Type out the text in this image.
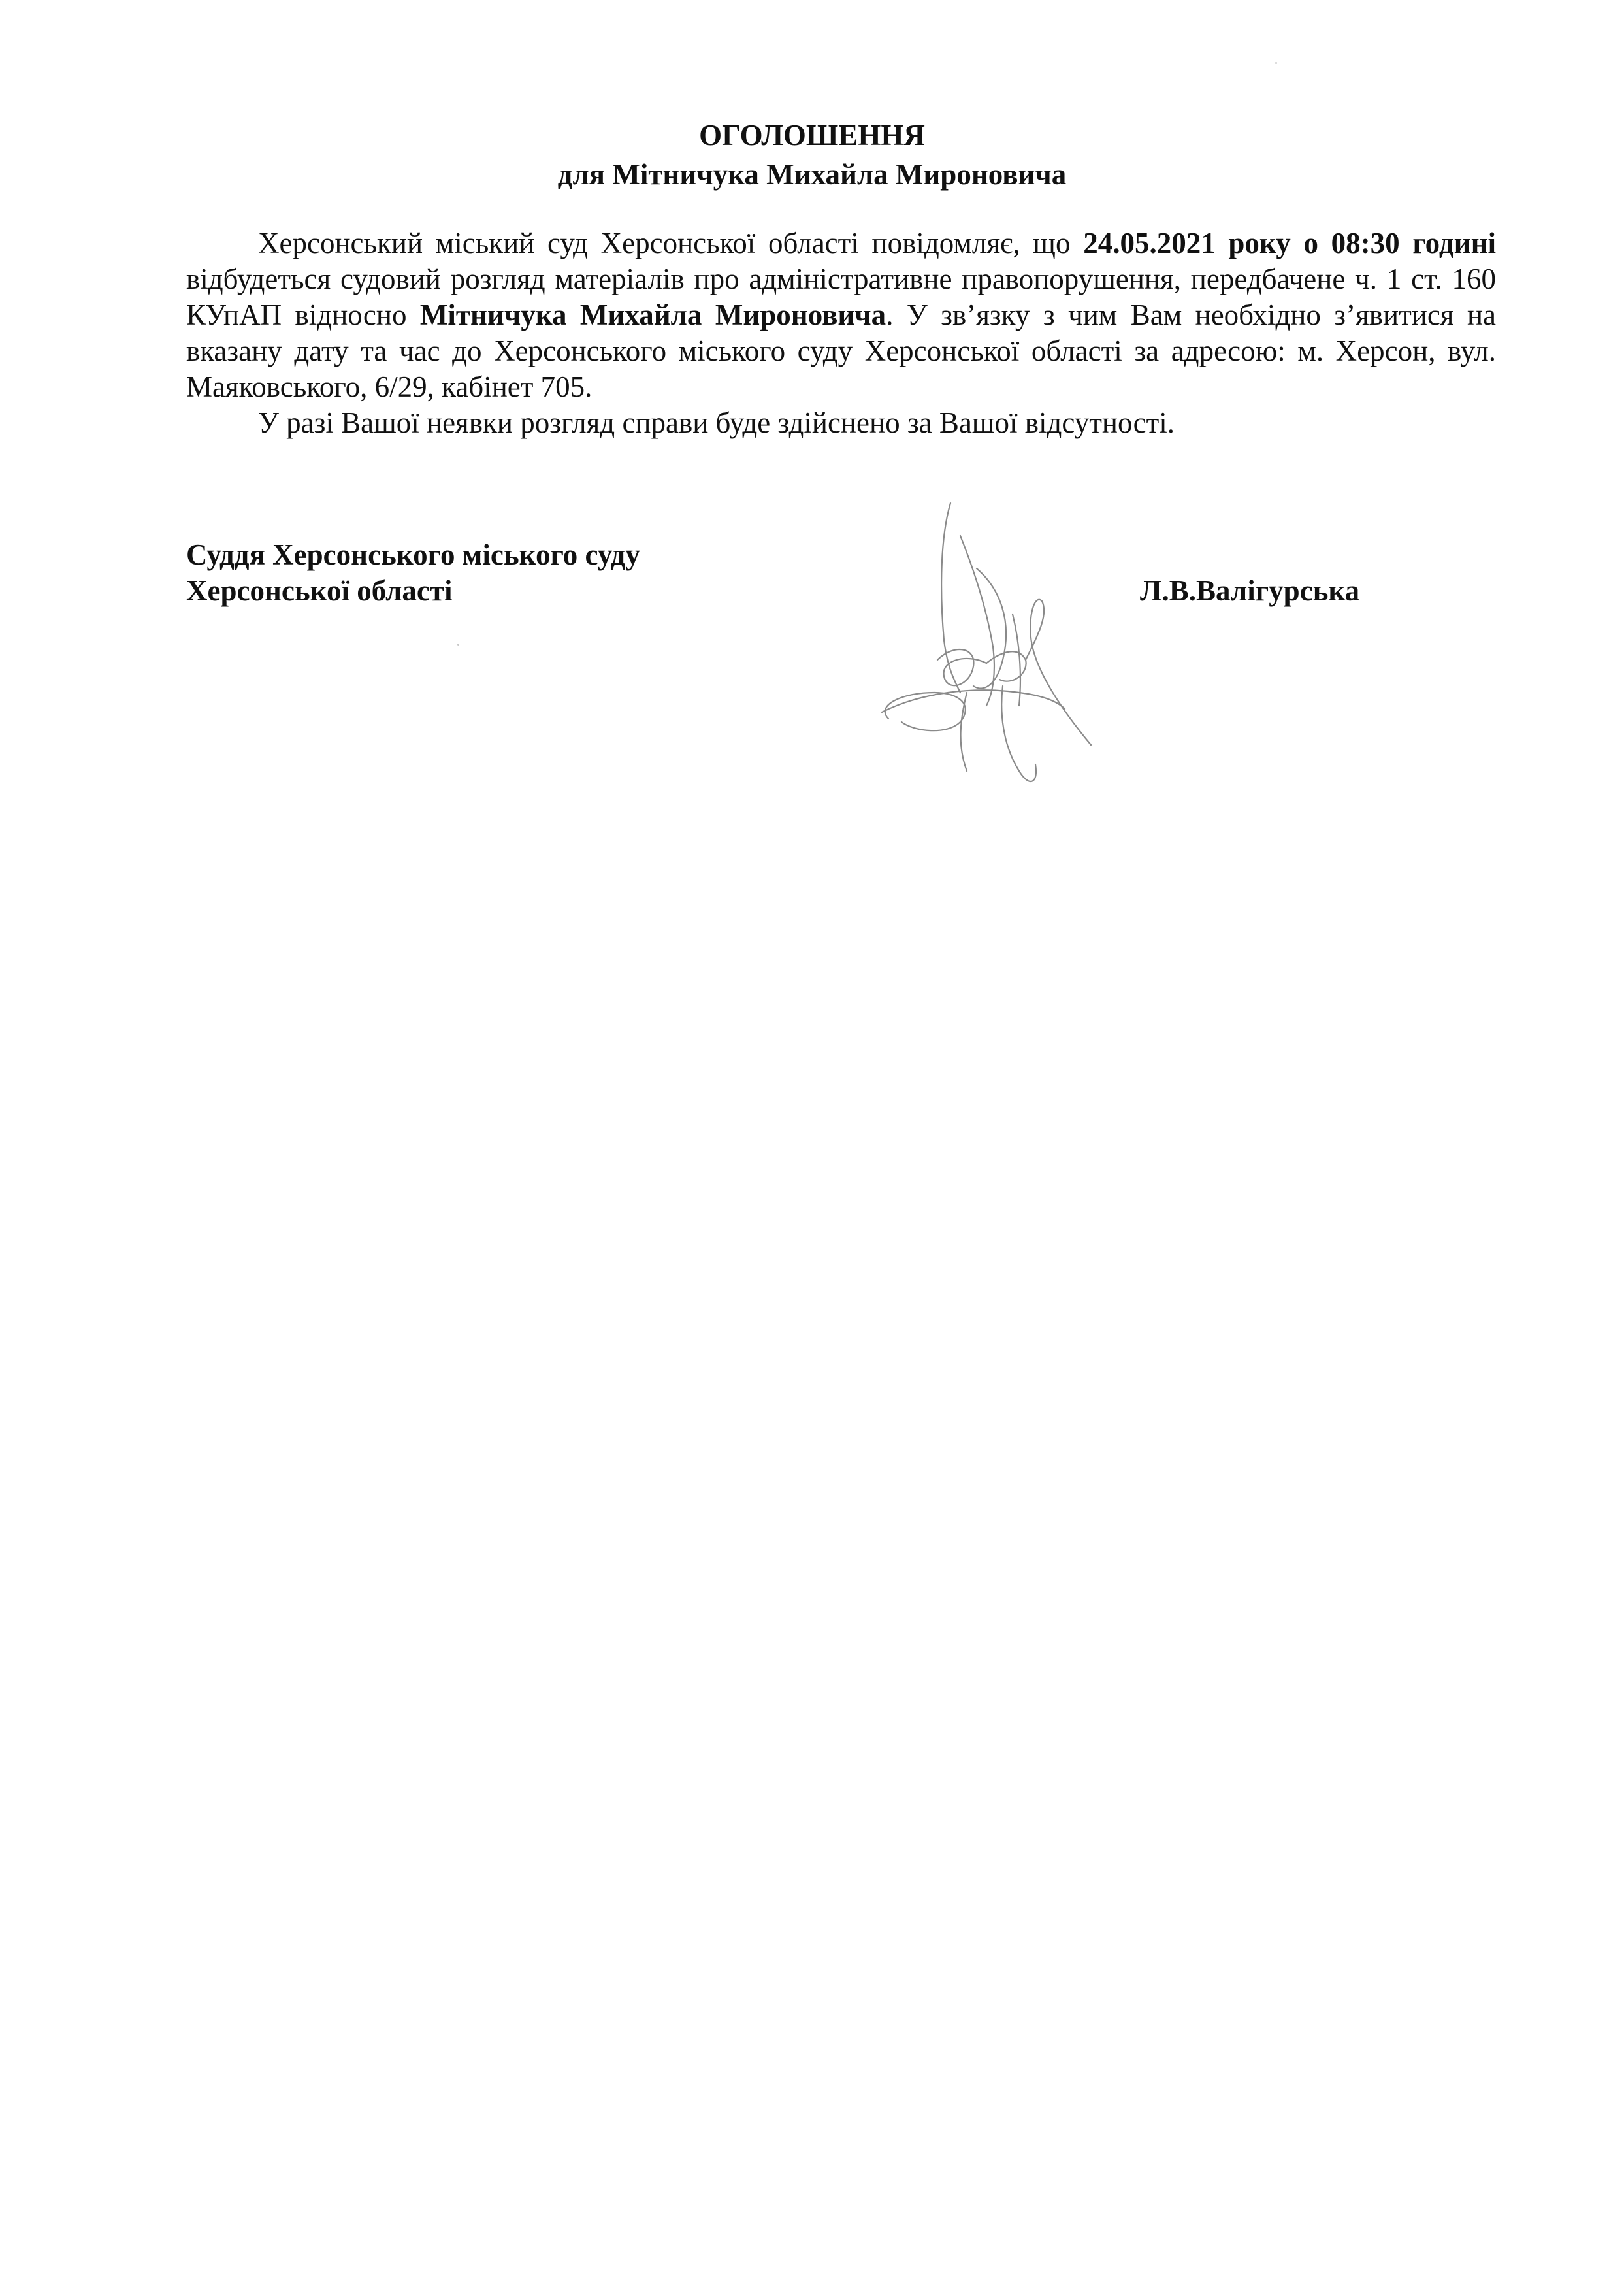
ОГОЛОШЕННЯ
для Мітничука Михайла Мироновича

Херсонський міський суд Херсонської області повідомляє, що 24.05.2021 року о 08:30 годині відбудеться судовий розгляд матеріалів про адміністративне правопорушення, передбачене ч. 1 ст. 160 КУпАП відносно Мітничука Михайла Мироновича. У зв’язку з чим Вам необхідно з’явитися на вказану дату та час до Херсонського міського суду Херсонської області за адресою: м. Херсон, вул. Маяковського, 6/29, кабінет 705.

У разі Вашої неявки розгляд справи буде здійснено за Вашої відсутності.

Суддя Херсонського міського суду
Херсонської області	Л.В.Валігурська
